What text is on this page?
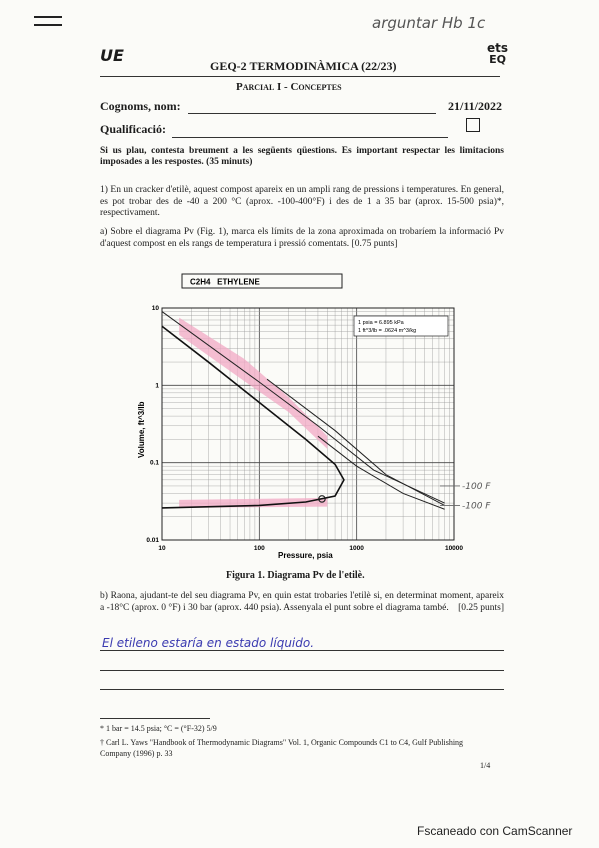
arguntar Hb 1c
UE	ets
EQ
GEQ-2 TERMODINÀMICA (22/23)
Parcial I - Conceptes
Cognoms, nom:	21/11/2022
Qualificació:
Si us plau, contesta breument a les següents qüestions. Es important respectar les limitacions imposades a les respostes. (35 minuts)
1) En un cracker d'etilè, aquest compost apareix en un ampli rang de pressions i temperatures. En general, es pot trobar des de -40 a 200 °C (aprox. -100-400°F) i des de 1 a 35 bar (aprox. 15-500 psia)*, respectivament.
a) Sobre el diagrama Pv (Fig. 1), marca els límits de la zona aproximada on trobaríem la informació Pv d'aquest compost en els rangs de temperatura i pressió comentats. [0.75 punts]
C2H4   ETHYLENE
10	100	1000	10000
10
1
0.1
0.01
-100 F
-100 F
Volume, ft^3/lb
Pressure, psia
1 psia = 6.895 kPa
1 ft^3/lb = .0624 m^3/kg
Figura 1. Diagrama Pv de l'etilè.
b) Raona, ajudant-te del seu diagrama Pv, en quin estat trobaries l'etilè si, en determinat moment, apareix a -18°C (aprox. 0 °F) i 30 bar (aprox. 440 psia). Assenyala el punt sobre el diagrama també. [0.25 punts]
El etileno estaría en estado líquido.
* 1 bar = 14.5 psia; °C = (°F-32) 5/9
† Carl L. Yaws "Handbook of Thermodynamic Diagrams" Vol. 1, Organic Compounds C1 to C4, Gulf Publishing Company (1996) p. 33
1/4
Fscaneado con CamScanner
